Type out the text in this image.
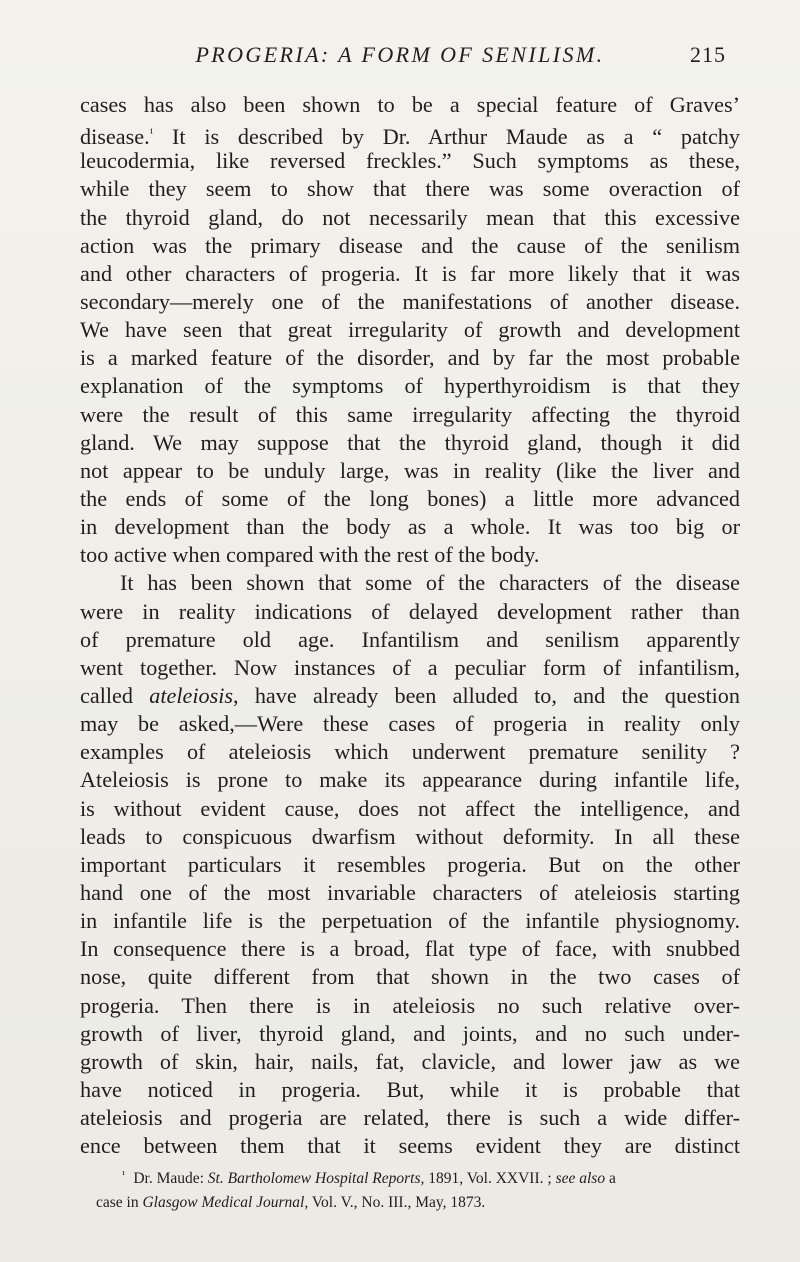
PROGERIA: A FORM OF SENILISM.	215
cases has also been shown to be a special feature of Graves’
disease.$^{^1}$ It is described by Dr. Arthur Maude as a “ patchy
leucodermia, like reversed freckles.” Such symptoms as these,
while they seem to show that there was some overaction of
the thyroid gland, do not necessarily mean that this excessive
action was the primary disease and the cause of the senilism
and other characters of progeria. It is far more likely that it was
secondary—merely one of the manifestations of another disease.
We have seen that great irregularity of growth and development
is a marked feature of the disorder, and by far the most probable
explanation of the symptoms of hyperthyroidism is that they
were the result of this same irregularity affecting the thyroid
gland. We may suppose that the thyroid gland, though it did
not appear to be unduly large, was in reality (like the liver and
the ends of some of the long bones) a little more advanced
in development than the body as a whole. It was too big or
too active when compared with the rest of the body.
It has been shown that some of the characters of the disease
were in reality indications of delayed development rather than
of premature old age. Infantilism and senilism apparently
went together. Now instances of a peculiar form of infantilism,
called ateleiosis, have already been alluded to, and the question
may be asked,—Were these cases of progeria in reality only
examples of ateleiosis which underwent premature senility ?
Ateleiosis is prone to make its appearance during infantile life,
is without evident cause, does not affect the intelligence, and
leads to conspicuous dwarfism without deformity. In all these
important particulars it resembles progeria. But on the other
hand one of the most invariable characters of ateleiosis starting
in infantile life is the perpetuation of the infantile physiognomy.
In consequence there is a broad, flat type of face, with snubbed
nose, quite different from that shown in the two cases of
progeria. Then there is in ateleiosis no such relative over-
growth of liver, thyroid gland, and joints, and no such under-
growth of skin, hair, nails, fat, clavicle, and lower jaw as we
have noticed in progeria. But, while it is probable that
ateleiosis and progeria are related, there is such a wide differ-
ence between them that it seems evident they are distinct
$^{^1}$ Dr. Maude: St. Bartholomew Hospital Reports, 1891, Vol. XXVII. ; see also a
case in Glasgow Medical Journal, Vol. V., No. III., May, 1873.
